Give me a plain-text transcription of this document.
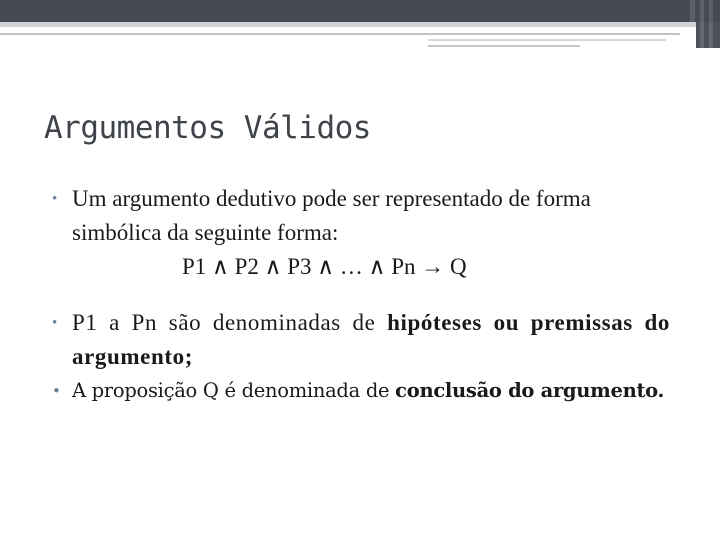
Argumentos Válidos
• Um argumento dedutivo pode ser representado de forma simbólica da seguinte forma:
P1 ∧ P2 ∧ P3 ∧ … ∧ Pn → Q
• P1 a Pn são denominadas de hipóteses ou premissas do argumento;
• A proposição Q é denominada de conclusão do argumento.
